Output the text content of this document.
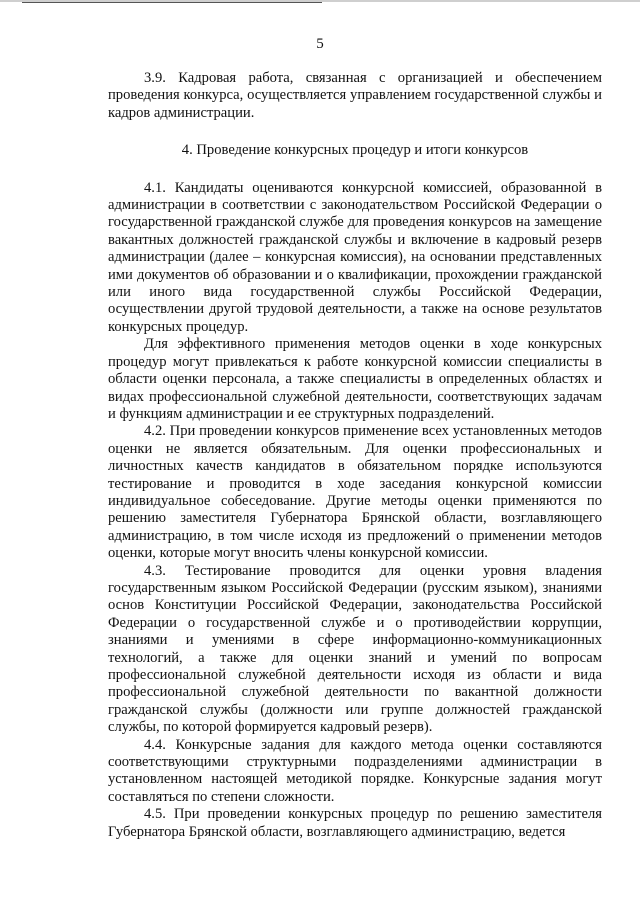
5

3.9. Кадровая работа, связанная с организацией и обеспечением проведения конкурса, осуществляется управлением государственной службы и кадров администрации.

4. Проведение конкурсных процедур и итоги конкурсов

4.1. Кандидаты оцениваются конкурсной комиссией, образованной в администрации в соответствии с законодательством Российской Федерации о государственной гражданской службе для проведения конкурсов на замещение вакантных должностей гражданской службы и включение в кадровый резерв администрации (далее – конкурсная комиссия), на основании представленных ими документов об образовании и о квалификации, прохождении гражданской или иного вида государственной службы Российской Федерации, осуществлении другой трудовой деятельности, а также на основе результатов конкурсных процедур.

Для эффективного применения методов оценки в ходе конкурсных процедур могут привлекаться к работе конкурсной комиссии специалисты в области оценки персонала, а также специалисты в определенных областях и видах профессиональной служебной деятельности, соответствующих задачам и функциям администрации и ее структурных подразделений.

4.2. При проведении конкурсов применение всех установленных методов оценки не является обязательным. Для оценки профессиональных и личностных качеств кандидатов в обязательном порядке используются тестирование и проводится в ходе заседания конкурсной комиссии индивидуальное собеседование. Другие методы оценки применяются по решению заместителя Губернатора Брянской области, возглавляющего администрацию, в том числе исходя из предложений о применении методов оценки, которые могут вносить члены конкурсной комиссии.

4.3. Тестирование проводится для оценки уровня владения государственным языком Российской Федерации (русским языком), знаниями основ Конституции Российской Федерации, законодательства Российской Федерации о государственной службе и о противодействии коррупции, знаниями и умениями в сфере информационно-коммуникационных технологий, а также для оценки знаний и умений по вопросам профессиональной служебной деятельности исходя из области и вида профессиональной служебной деятельности по вакантной должности гражданской службы (должности или группе должностей гражданской службы, по которой формируется кадровый резерв).

4.4. Конкурсные задания для каждого метода оценки составляются соответствующими структурными подразделениями администрации в установленном настоящей методикой порядке. Конкурсные задания могут составляться по степени сложности.

4.5. При проведении конкурсных процедур по решению заместителя Губернатора Брянской области, возглавляющего администрацию, ведется
